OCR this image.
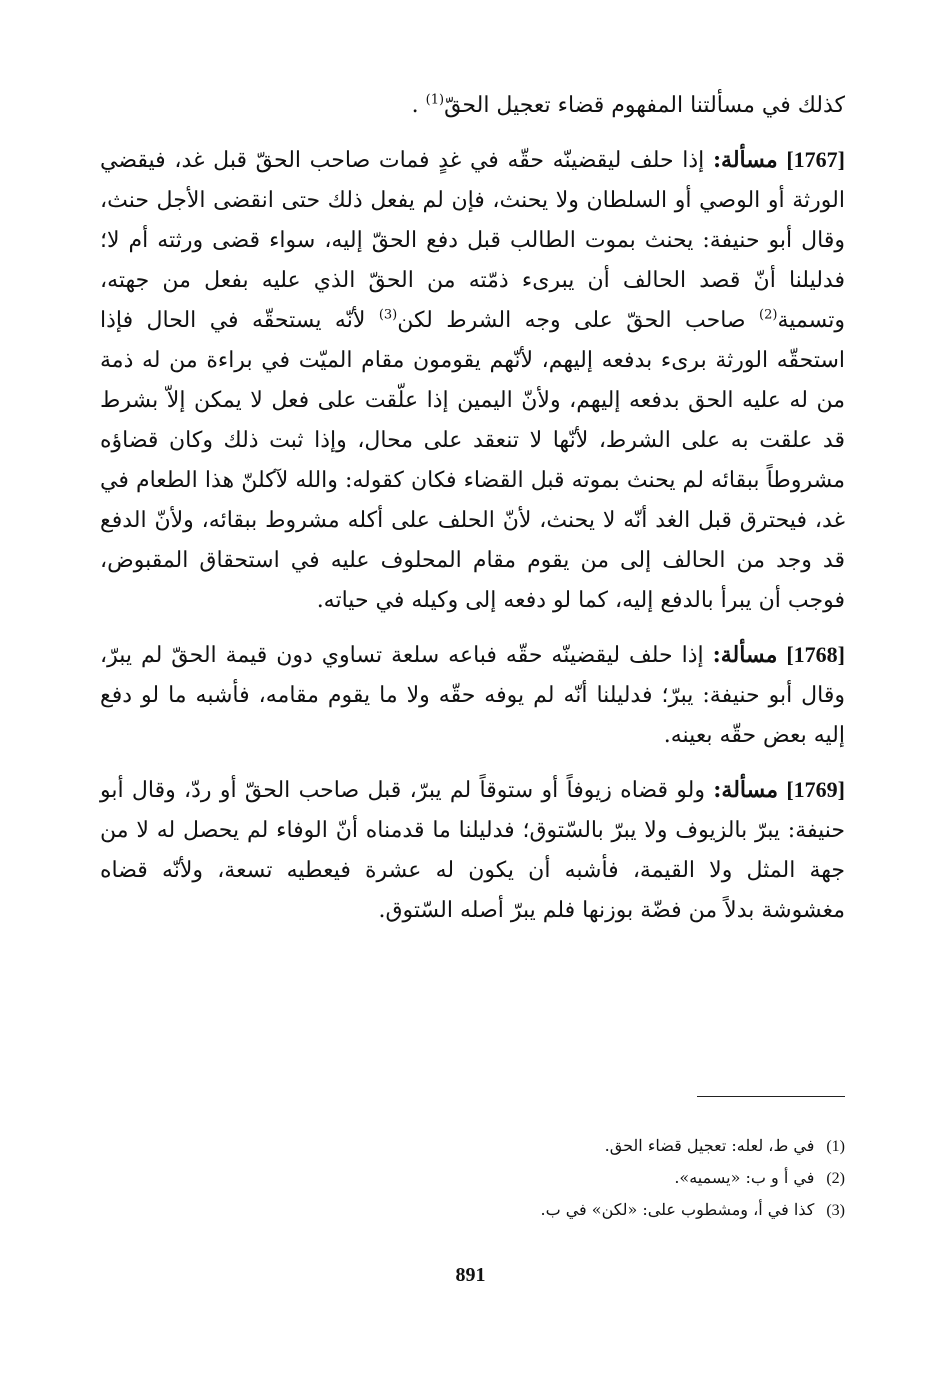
كذلك في مسألتنا المفهوم قضاء تعجيل الحقّ$^{(1)}$ .

[1767] مسألة: إذا حلف ليقضينّه حقّه في غدٍ فمات صاحب الحقّ قبل غد، فيقضي الورثة أو الوصي أو السلطان ولا يحنث، فإن لم يفعل ذلك حتى انقضى الأجل حنث، وقال أبو حنيفة: يحنث بموت الطالب قبل دفع الحقّ إليه، سواء قضى ورثته أم لا؛ فدليلنا أنّ قصد الحالف أن يبرىء ذمّته من الحقّ الذي عليه بفعل من جهته، وتسمية$^{(2)}$ صاحب الحقّ على وجه الشرط لكن$^{(3)}$ لأنّه يستحقّه في الحال فإذا استحقّه الورثة برىء بدفعه إليهم، لأنّهم يقومون مقام الميّت في براءة من له ذمة من له عليه الحق بدفعه إليهم، ولأنّ اليمين إذا علّقت على فعل لا يمكن إلاّ بشرط قد علقت به على الشرط، لأنّها لا تنعقد على محال، وإذا ثبت ذلك وكان قضاؤه مشروطاً ببقائه لم يحنث بموته قبل القضاء فكان كقوله: والله لآكلنّ هذا الطعام في غد، فيحترق قبل الغد أنّه لا يحنث، لأنّ الحلف على أكله مشروط ببقائه، ولأنّ الدفع قد وجد من الحالف إلى من يقوم مقام المحلوف عليه في استحقاق المقبوض، فوجب أن يبرأ بالدفع إليه، كما لو دفعه إلى وكيله في حياته.

[1768] مسألة: إذا حلف ليقضينّه حقّه فباعه سلعة تساوي دون قيمة الحقّ لم يبرّ، وقال أبو حنيفة: يبرّ؛ فدليلنا أنّه لم يوفه حقّه ولا ما يقوم مقامه، فأشبه ما لو دفع إليه بعض حقّه بعينه.

[1769] مسألة: ولو قضاه زيوفاً أو ستوقاً لم يبرّ، قبل صاحب الحقّ أو ردّ، وقال أبو حنيفة: يبرّ بالزيوف ولا يبرّ بالسّتوق؛ فدليلنا ما قدمناه أنّ الوفاء لم يحصل له لا من جهة المثل ولا القيمة، فأشبه أن يكون له عشرة فيعطيه تسعة، ولأنّه قضاه مغشوشة بدلاً من فضّة بوزنها فلم يبرّ أصله السّتوق.

(1)في ط، لعله: تعجيل قضاء الحق.
(2)في أ و ب: «يسميه».
(3)كذا في أ، ومشطوب على: «لكن» في ب.
891
